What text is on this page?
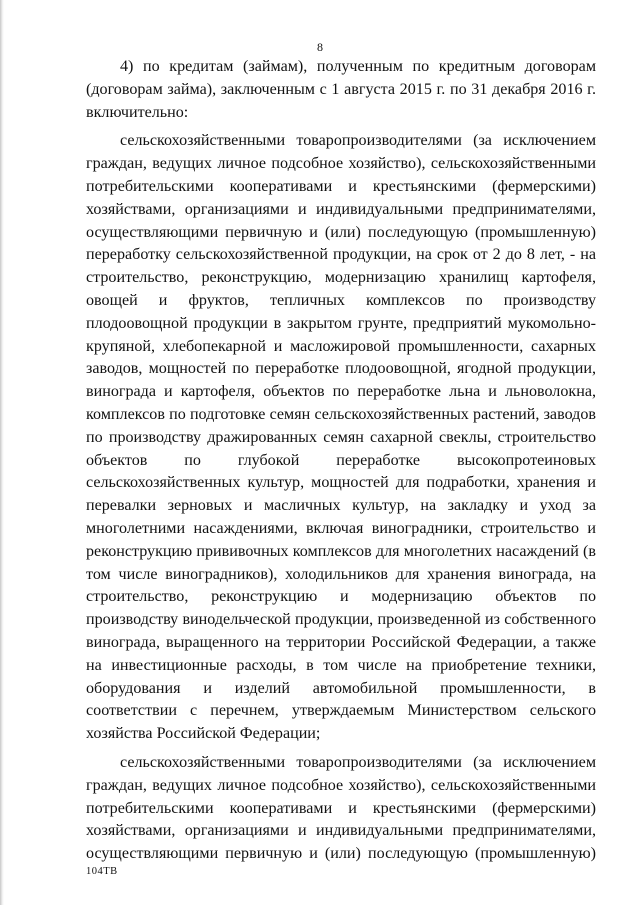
8

4) по кредитам (займам), полученным по кредитным договорам (договорам займа), заключенным с 1 августа 2015 г. по 31 декабря 2016 г. включительно:

сельскохозяйственными товаропроизводителями (за исключением граждан, ведущих личное подсобное хозяйство), сельскохозяйственными потребительскими кооперативами и крестьянскими (фермерскими) хозяйствами, организациями и индивидуальными предпринимателями, осуществляющими первичную и (или) последующую (промышленную) переработку сельскохозяйственной продукции, на срок от 2 до 8 лет, - на строительство, реконструкцию, модернизацию хранилищ картофеля, овощей и фруктов, тепличных комплексов по производству плодоовощной продукции в закрытом грунте, предприятий мукомольно-крупяной, хлебопекарной и масложировой промышленности, сахарных заводов, мощностей по переработке плодоовощной, ягодной продукции, винограда и картофеля, объектов по переработке льна и льноволокна, комплексов по подготовке семян сельскохозяйственных растений, заводов по производству дражированных семян сахарной свеклы, строительство объектов по глубокой переработке высокопротеиновых сельскохозяйственных культур, мощностей для подработки, хранения и перевалки зерновых и масличных культур, на закладку и уход за многолетними насаждениями, включая виноградники, строительство и реконструкцию прививочных комплексов для многолетних насаждений (в том числе виноградников), холодильников для хранения винограда, на строительство, реконструкцию и модернизацию объектов по производству винодельческой продукции, произведенной из собственного винограда, выращенного на территории Российской Федерации, а также на инвестиционные расходы, в том числе на приобретение техники, оборудования и изделий автомобильной промышленности, в соответствии с перечнем, утверждаемым Министерством сельского хозяйства Российской Федерации;

сельскохозяйственными товаропроизводителями (за исключением граждан, ведущих личное подсобное хозяйство), сельскохозяйственными потребительскими кооперативами и крестьянскими (фермерскими) хозяйствами, организациями и индивидуальными предпринимателями, осуществляющими первичную и (или) последующую (промышленную)

104ТВ
